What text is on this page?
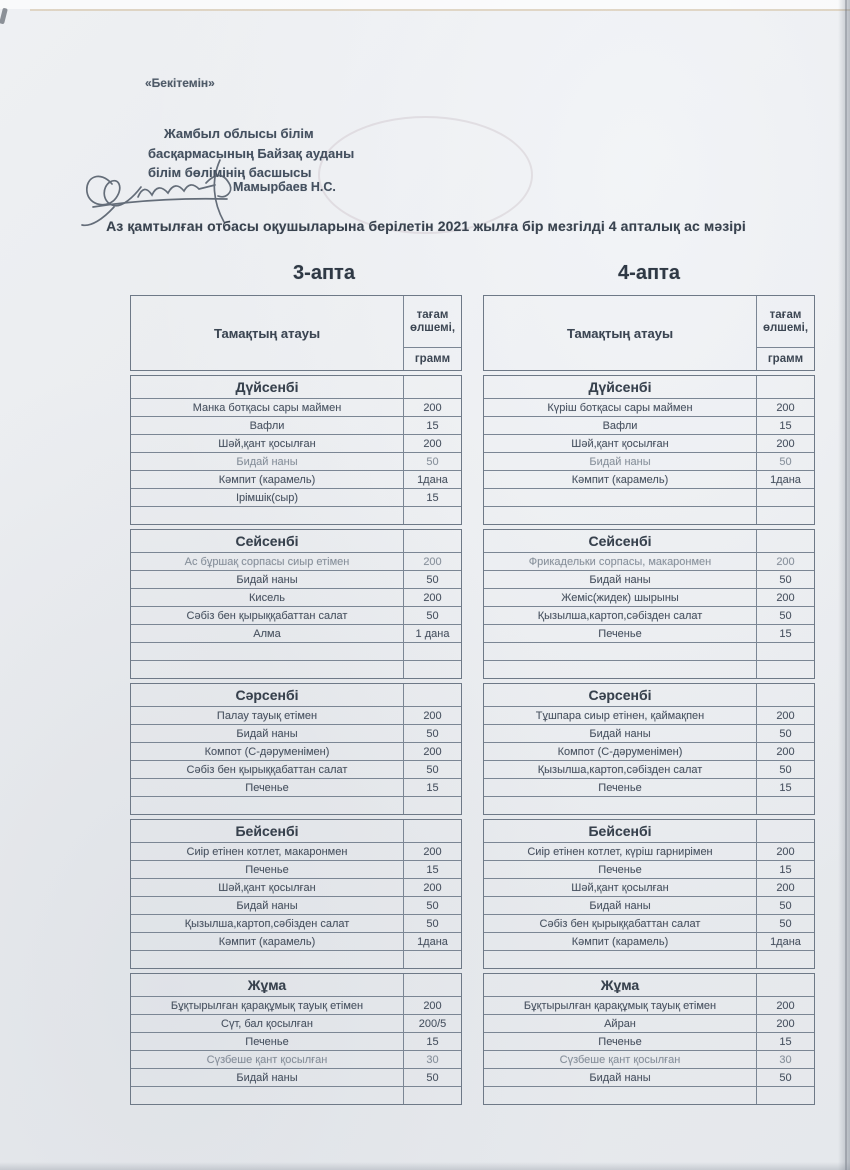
«Бекітемін»
Жамбыл облысы білім
басқармасының Байзақ ауданы
білім бөлімінің басшысы
Мамырбаев Н.С.
Аз қамтылған отбасы оқушыларына берілетін 2021 жылға бір мезгілді 4 апталық ас мәзірі
3-апта
Тамақтың атауы
тағам өлшемі,
грамм
Дүйсенбі
Манка ботқасы сары маймен	200
Вафли	15
Шәй,қант қосылған	200
Бидай наны	50
Кәмпит (карамель)	1дана
Ірімшік(сыр)	15
Сейсенбі
Ас бұршақ сорпасы сиыр етімен	200
Бидай наны	50
Кисель	200
Сәбіз бен қырыққабаттан салат	50
Алма	1 дана
Сәрсенбі
Палау тауық етімен	200
Бидай наны	50
Компот (С-дәруменімен)	200
Сәбіз бен қырыққабаттан салат	50
Печенье	15
Бейсенбі
Сиір етінен котлет, макаронмен	200
Печенье	15
Шәй,қант қосылған	200
Бидай наны	50
Қызылша,картоп,сәбізден салат	50
Кәмпит (карамель)	1дана
Жұма
Бұқтырылған қарақұмық тауық етімен	200
Сүт, бал қосылған	200/5
Печенье	15
Сүзбеше қант қосылған	30
Бидай наны	50
4-апта
Тамақтың атауы
тағам өлшемі,
грамм
Дүйсенбі
Күріш ботқасы сары маймен	200
Вафли	15
Шәй,қант қосылған	200
Бидай наны	50
Кәмпит (карамель)	1дана
Сейсенбі
Фрикадельки сорпасы, макаронмен	200
Бидай наны	50
Жеміс(жидек) шырыны	200
Қызылша,картоп,сәбізден салат	50
Печенье	15
Сәрсенбі
Тұшпара сиыр етінен, қаймақпен	200
Бидай наны	50
Компот (С-дәруменімен)	200
Қызылша,картоп,сәбізден салат	50
Печенье	15
Бейсенбі
Сиір етінен котлет, күріш гарнирімен	200
Печенье	15
Шәй,қант қосылған	200
Бидай наны	50
Сәбіз бен қырыққабаттан салат	50
Кәмпит (карамель)	1дана
Жұма
Бұқтырылған қарақұмық тауық етімен	200
Айран	200
Печенье	15
Сүзбеше қант қосылған	30
Бидай наны	50
